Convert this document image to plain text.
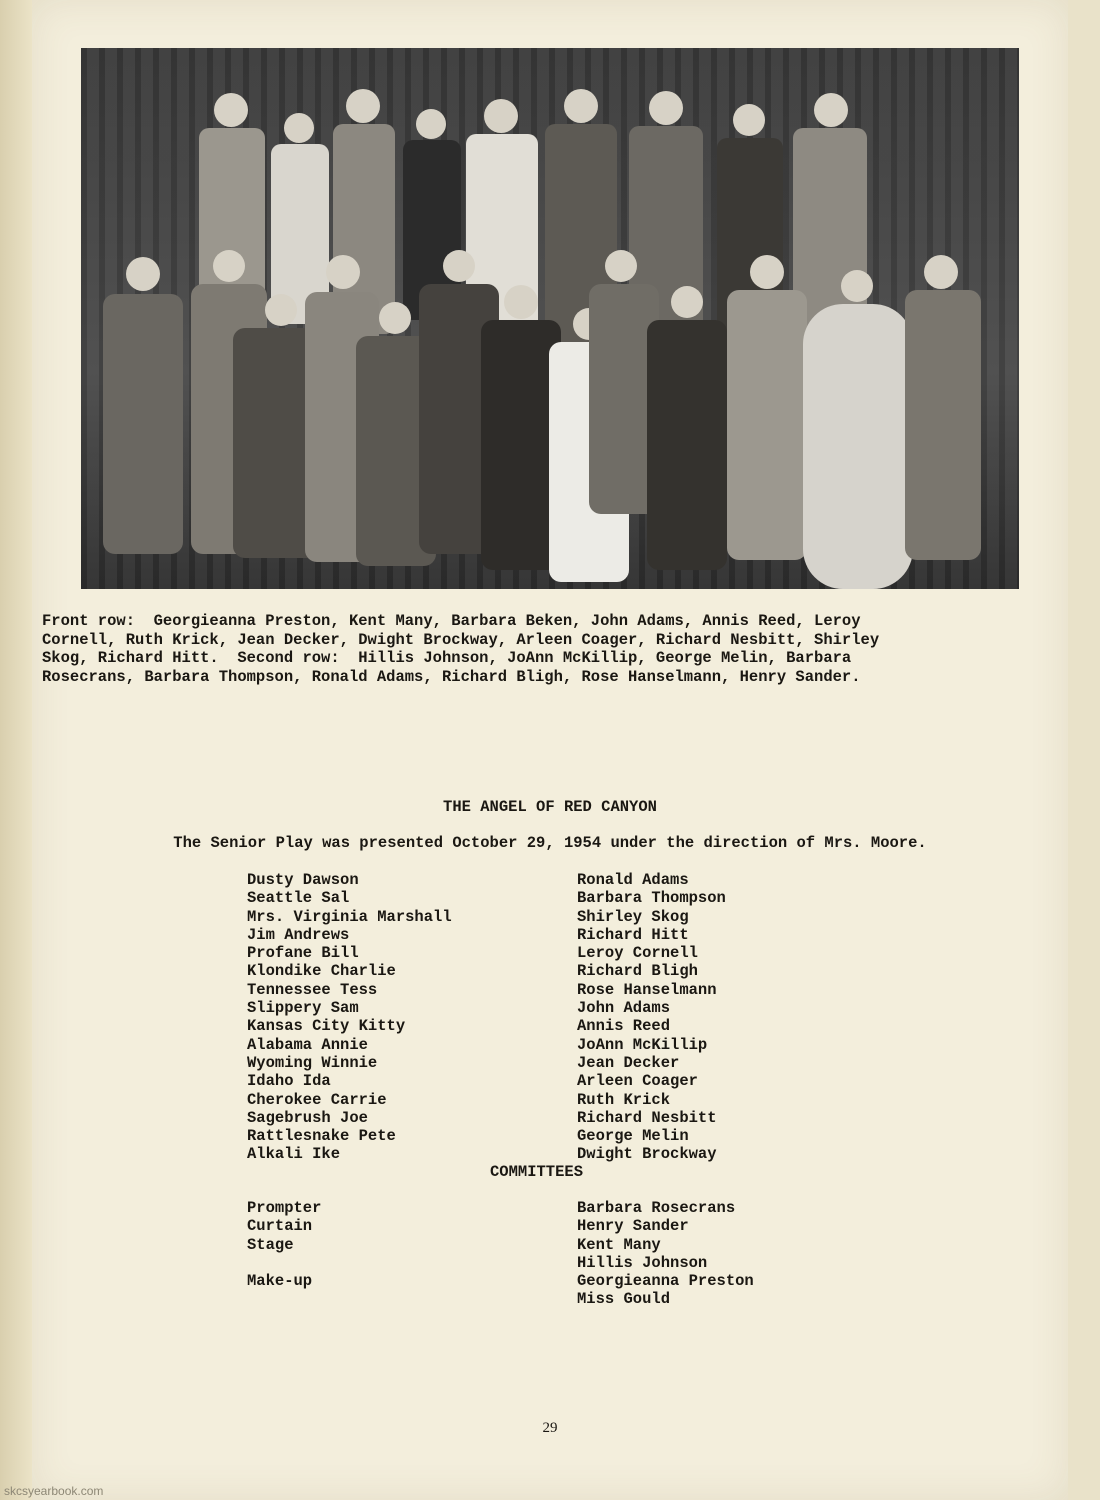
Front row:  Georgieanna Preston, Kent Many, Barbara Beken, John Adams, Annis Reed, Leroy
Cornell, Ruth Krick, Jean Decker, Dwight Brockway, Arleen Coager, Richard Nesbitt, Shirley
Skog, Richard Hitt.  Second row:  Hillis Johnson, JoAnn McKillip, George Melin, Barbara
Rosecrans, Barbara Thompson, Ronald Adams, Richard Bligh, Rose Hanselmann, Henry Sander.
THE ANGEL OF RED CANYON
The Senior Play was presented October 29, 1954 under the direction of Mrs. Moore.
Dusty Dawson	Ronald Adams
Seattle Sal	Barbara Thompson
Mrs. Virginia Marshall	Shirley Skog
Jim Andrews	Richard Hitt
Profane Bill	Leroy Cornell
Klondike Charlie	Richard Bligh
Tennessee Tess	Rose Hanselmann
Slippery Sam	John Adams
Kansas City Kitty	Annis Reed
Alabama Annie	JoAnn McKillip
Wyoming Winnie	Jean Decker
Idaho Ida	Arleen Coager
Cherokee Carrie	Ruth Krick
Sagebrush Joe	Richard Nesbitt
Rattlesnake Pete	George Melin
Alkali Ike	Dwight Brockway
COMMITTEES
Prompter	Barbara Rosecrans
Curtain	Henry Sander
Stage	Kent Many
Hillis Johnson
Make-up	Georgieanna Preston
Miss Gould
29
skcsyearbook.com
